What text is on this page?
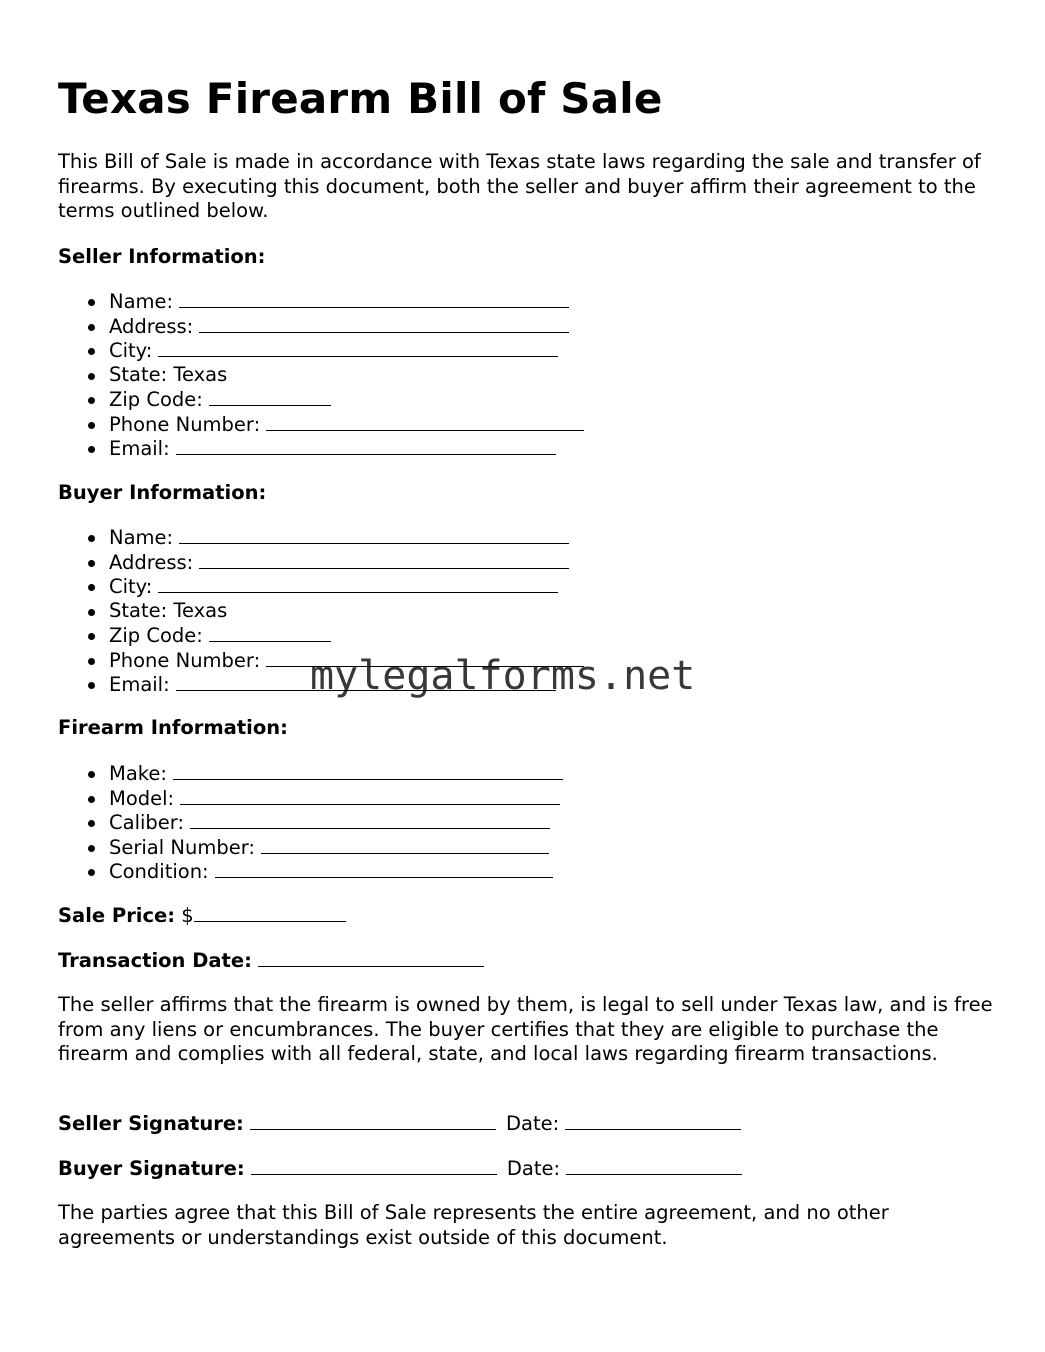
Texas Firearm Bill of Sale

This Bill of Sale is made in accordance with Texas state laws regarding the sale and transfer of firearms. By executing this document, both the seller and buyer affirm their agreement to the terms outlined below.

Seller Information:
Name:
Address:
City:
State: Texas
Zip Code:
Phone Number:
Email:
Buyer Information:
Name:
Address:
City:
State: Texas
Zip Code:
Phone Number:
Email:
Firearm Information:
Make:
Model:
Caliber:
Serial Number:
Condition:
Sale Price: $
Transaction Date:

The seller affirms that the firearm is owned by them, is legal to sell under Texas law, and is free from any liens or encumbrances. The buyer certifies that they are eligible to purchase the firearm and complies with all federal, state, and local laws regarding firearm transactions.

Seller Signature:	Date:
Buyer Signature:	Date:

The parties agree that this Bill of Sale represents the entire agreement, and no other agreements or understandings exist outside of this document.

mylegalforms.net
